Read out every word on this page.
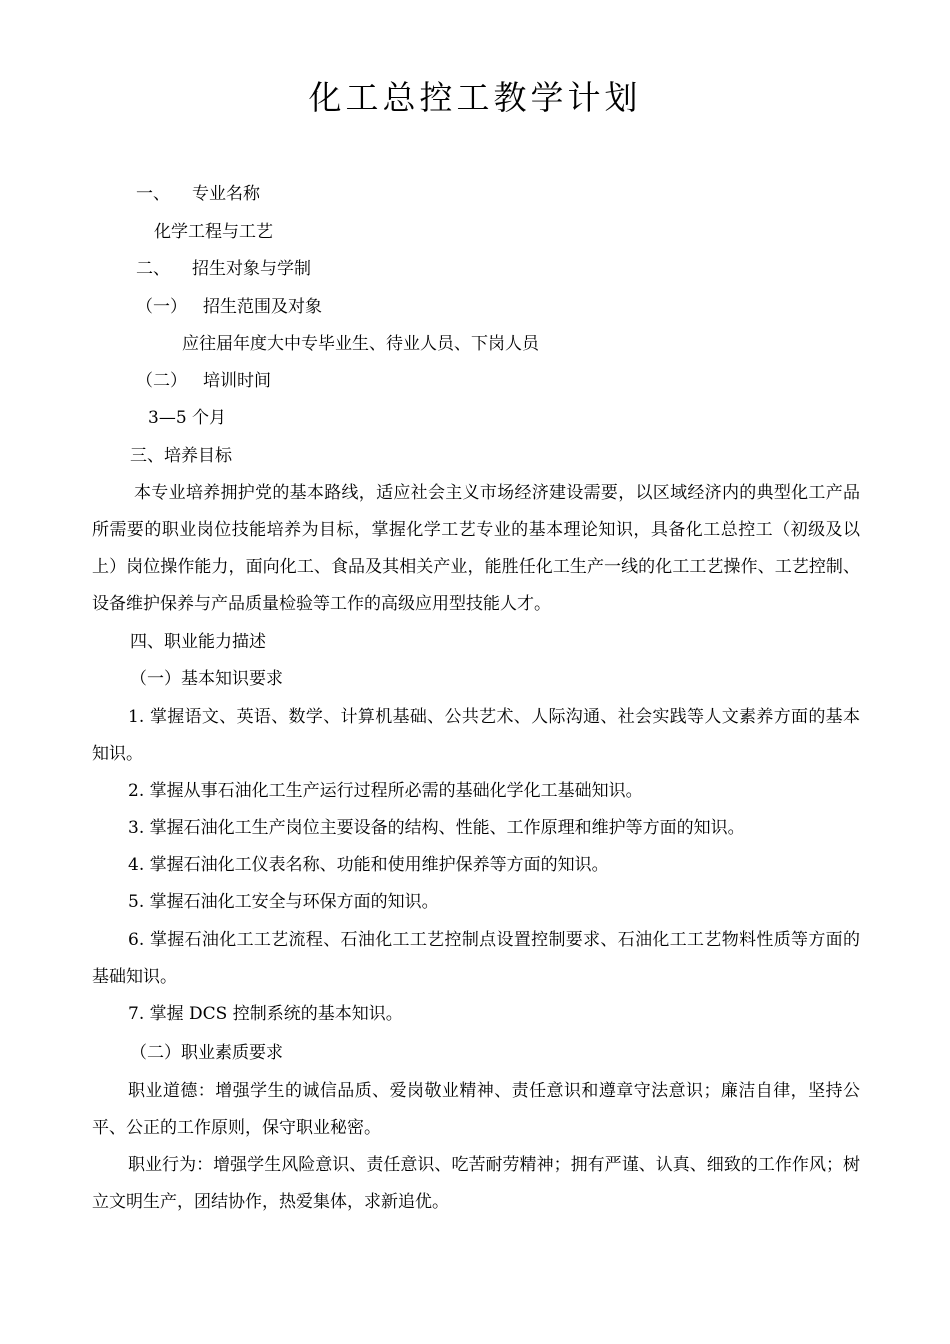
化工总控工教学计划
一、 专业名称
化学工程与工艺
二、 招生对象与学制
（一） 招生范围及对象
应往届年度大中专毕业生、待业人员、下岗人员
（二） 培训时间
3—5 个月
三、培养目标
本专业培养拥护党的基本路线，适应社会主义市场经济建设需要，以区域经济内的典型化工产品所需要的职业岗位技能培养为目标，掌握化学工艺专业的基本理论知识，具备化工总控工（初级及以上）岗位操作能力，面向化工、食品及其相关产业，能胜任化工生产一线的化工工艺操作、工艺控制、设备维护保养与产品质量检验等工作的高级应用型技能人才。
四、职业能力描述
（一）基本知识要求
1. 掌握语文、英语、数学、计算机基础、公共艺术、人际沟通、社会实践等人文素养方面的基本知识。
2. 掌握从事石油化工生产运行过程所必需的基础化学化工基础知识。
3. 掌握石油化工生产岗位主要设备的结构、性能、工作原理和维护等方面的知识。
4. 掌握石油化工仪表名称、功能和使用维护保养等方面的知识。
5. 掌握石油化工安全与环保方面的知识。
6. 掌握石油化工工艺流程、石油化工工艺控制点设置控制要求、石油化工工艺物料性质等方面的基础知识。
7. 掌握 DCS 控制系统的基本知识。
（二）职业素质要求
职业道德：增强学生的诚信品质、爱岗敬业精神、责任意识和遵章守法意识；廉洁自律，坚持公平、公正的工作原则，保守职业秘密。
职业行为：增强学生风险意识、责任意识、吃苦耐劳精神；拥有严谨、认真、细致的工作作风；树立文明生产，团结协作，热爱集体，求新追优。
